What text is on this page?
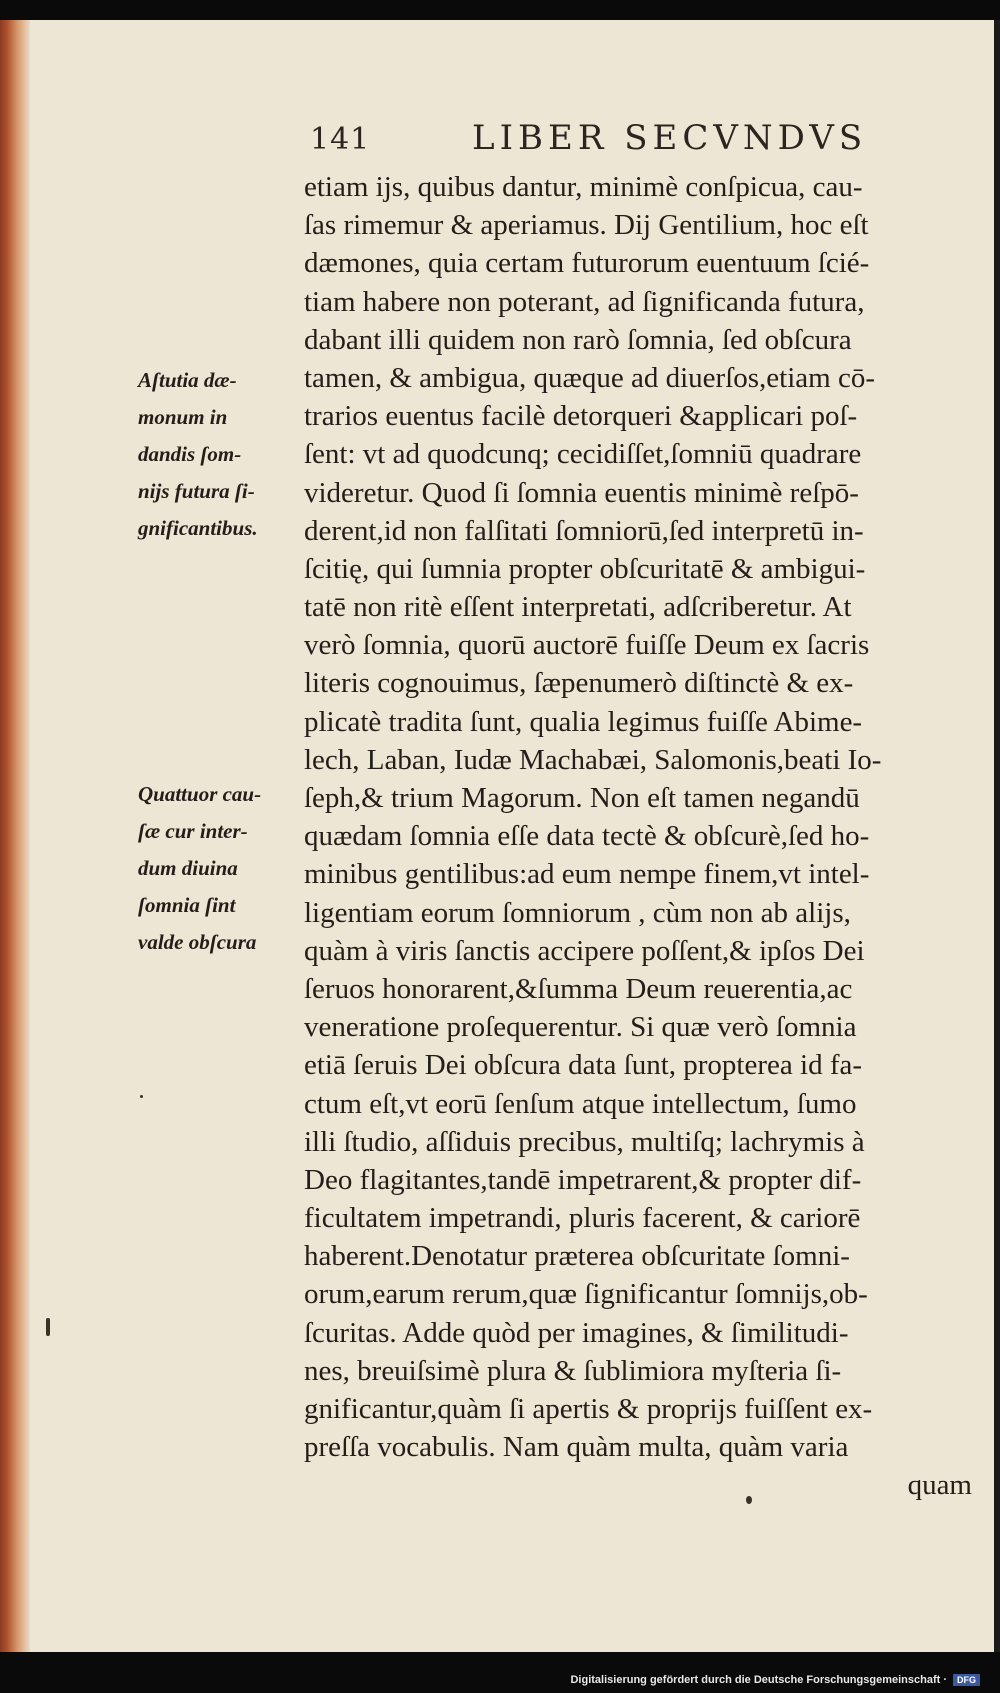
141	LIBER SECVNDVS
Aſtutia dæ-
monum in
dandis ſom-
nijs futura ſi-
gnificantibus.
Quattuor cau-
ſæ cur inter-
dum diuina
ſomnia ſint
valde obſcura
etiam ijs, quibus dantur, minimè conſpicua, cau-
ſas rimemur & aperiamus. Dij Gentilium, hoc eſt
dæmones, quia certam futurorum euentuum ſcié-
tiam habere non poterant, ad ſignificanda futura,
dabant illi quidem non rarò ſomnia, ſed obſcura
tamen, & ambigua, quæque ad diuerſos,etiam cō-
trarios euentus facilè detorqueri &applicari poſ-
ſent: vt ad quodcunq; cecidiſſet,ſomniū quadrare
videretur. Quod ſi ſomnia euentis minimè reſpō-
derent,id non falſitati ſomniorū,ſed interpretū in-
ſcitię, qui ſumnia propter obſcuritatē & ambigui-
tatē non ritè eſſent interpretati, adſcriberetur. At
verò ſomnia, quorū auctorē fuiſſe Deum ex ſacris
literis cognouimus, ſæpenumerò diſtinctè & ex-
plicatè tradita ſunt, qualia legimus fuiſſe Abime-
lech, Laban, Iudæ Machabæi, Salomonis,beati Io-
ſeph,& trium Magorum. Non eſt tamen negandū
quædam ſomnia eſſe data tectè & obſcurè,ſed ho-
minibus gentilibus:ad eum nempe finem,vt intel-
ligentiam eorum ſomniorum , cùm non ab alijs,
quàm à viris ſanctis accipere poſſent,& ipſos Dei
ſeruos honorarent,&ſumma Deum reuerentia,ac
veneratione proſequerentur. Si quæ verò ſomnia
etiā ſeruis Dei obſcura data ſunt, propterea id fa-
ctum eſt,vt eorū ſenſum atque intellectum, ſumo
illi ſtudio, aſſiduis precibus, multiſq; lachrymis à
Deo flagitantes,tandē impetrarent,& propter dif-
ficultatem impetrandi, pluris facerent, & cariorē
haberent.Denotatur præterea obſcuritate ſomni-
orum,earum rerum,quæ ſignificantur ſomnijs,ob-
ſcuritas. Adde quòd per imagines, & ſimilitudi-
nes, breuiſsimè plura & ſublimiora myſteria ſi-
gnificantur,quàm ſi apertis & proprijs fuiſſent ex-
preſſa vocabulis. Nam quàm multa, quàm varia
quam
Digitalisierung gefördert durch die Deutsche Forschungsgemeinschaft ·	DFG
